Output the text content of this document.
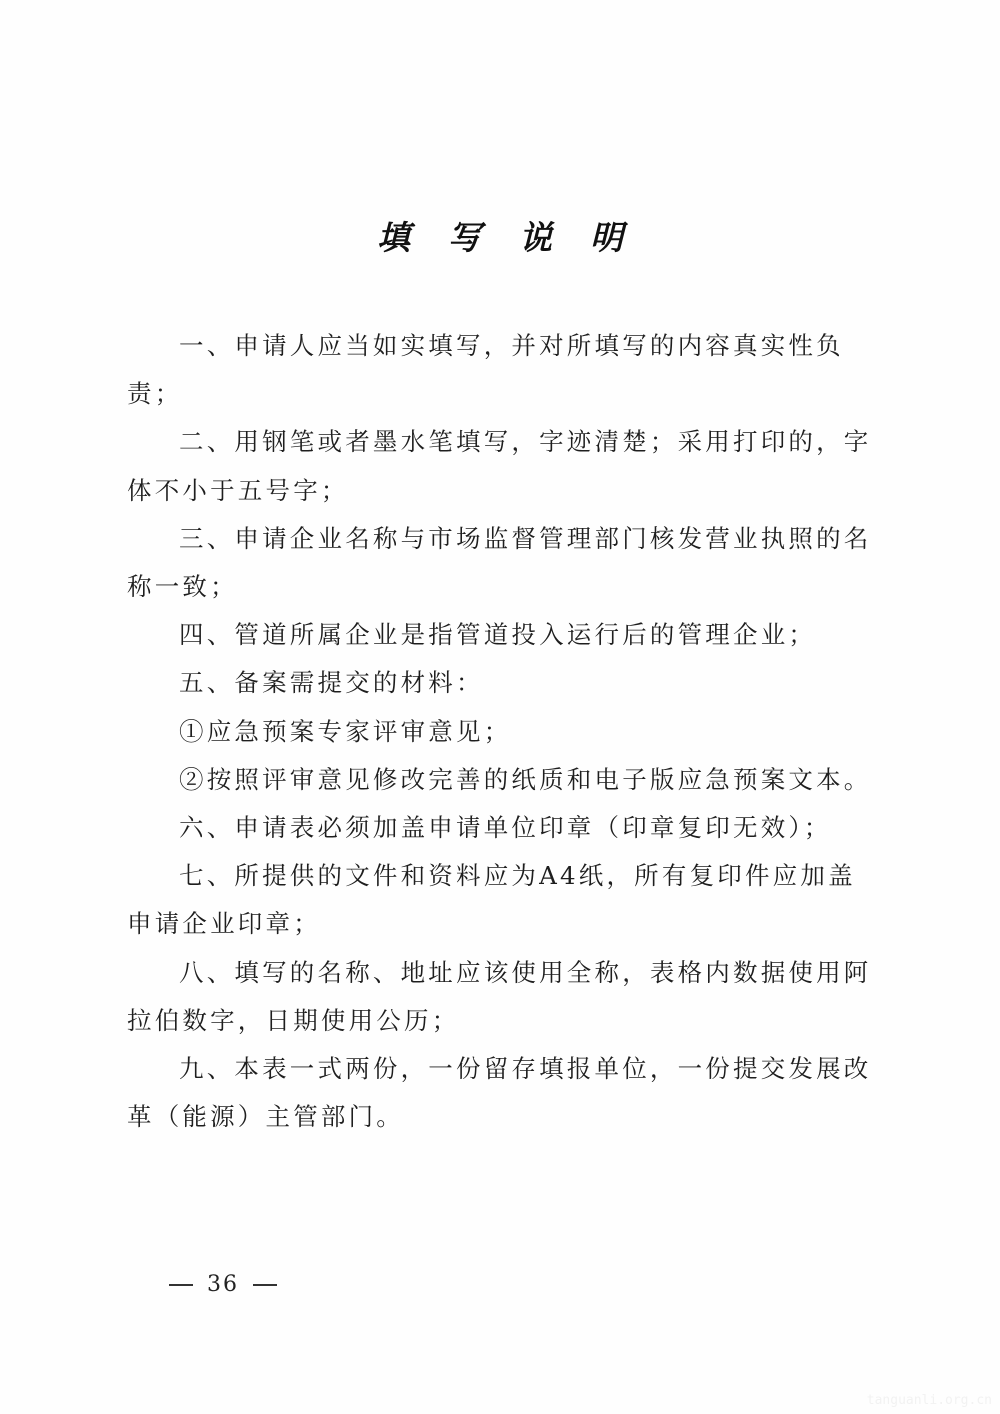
填写说明

一、申请人应当如实填写，并对所填写的内容真实性负责；

二、用钢笔或者墨水笔填写，字迹清楚；采用打印的，字体不小于五号字；

三、申请企业名称与市场监督管理部门核发营业执照的名称一致；

四、管道所属企业是指管道投入运行后的管理企业；

五、备案需提交的材料：

①应急预案专家评审意见；

②按照评审意见修改完善的纸质和电子版应急预案文本。

六、申请表必须加盖申请单位印章（印章复印无效）；

七、所提供的文件和资料应为A4纸，所有复印件应加盖申请企业印章；

八、填写的名称、地址应该使用全称，表格内数据使用阿拉伯数字，日期使用公历；

九、本表一式两份，一份留存填报单位，一份提交发展改革（能源）主管部门。

36
tanguanli.org.cn
